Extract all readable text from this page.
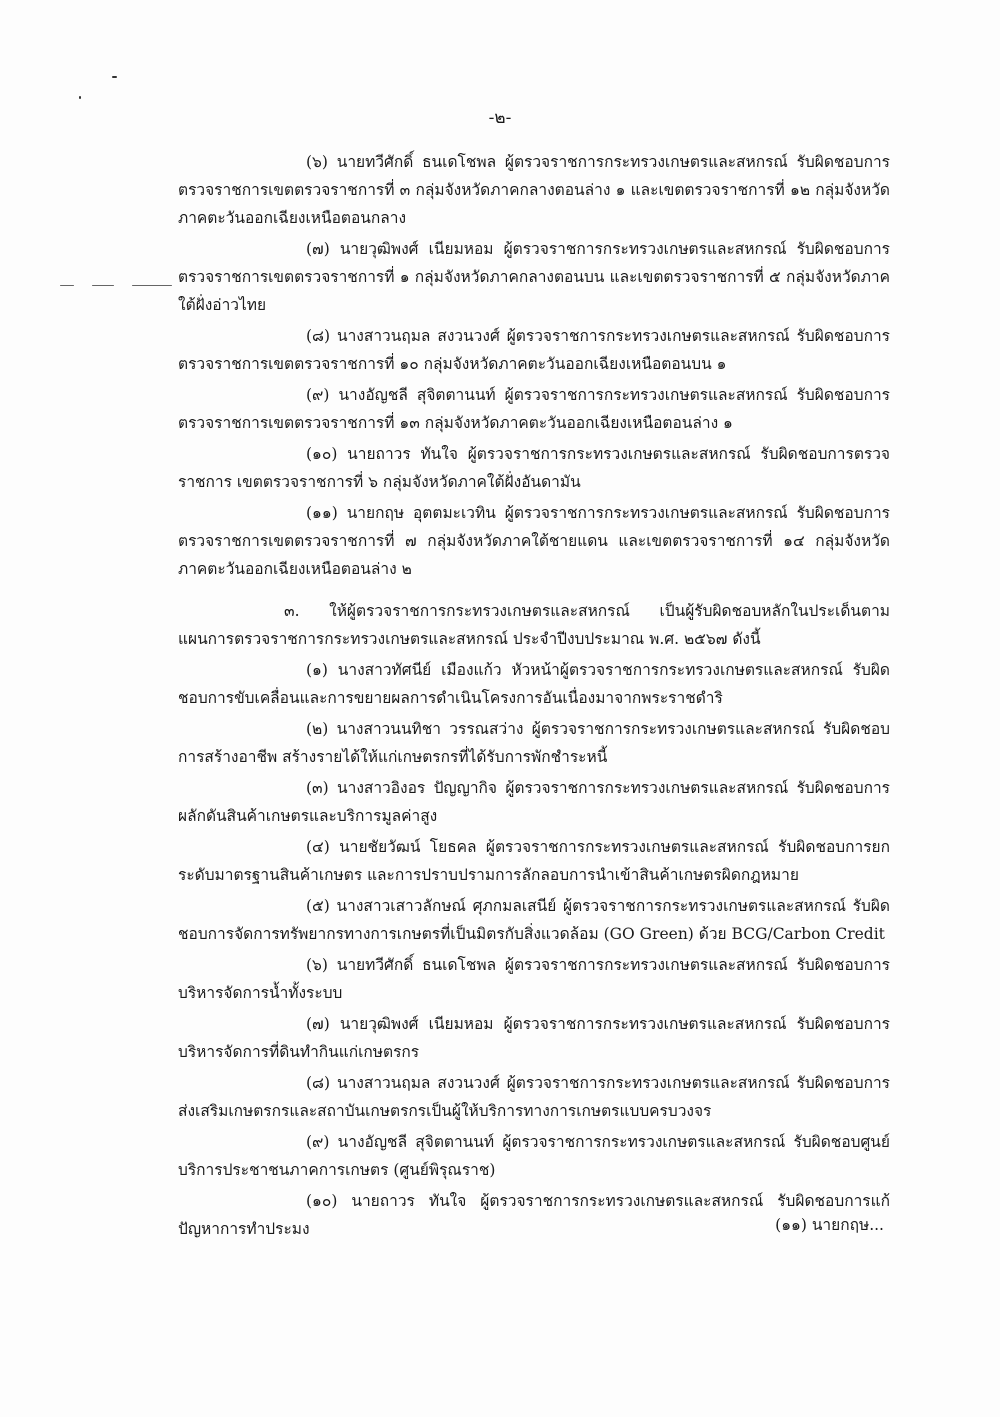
-๒-

(๖) นายทวีศักดิ์ ธนเดโชพล ผู้ตรวจราชการกระทรวงเกษตรและสหกรณ์ รับผิดชอบการตรวจราชการเขตตรวจราชการที่ ๓ กลุ่มจังหวัดภาคกลางตอนล่าง ๑ และเขตตรวจราชการที่ ๑๒ กลุ่มจังหวัดภาคตะวันออกเฉียงเหนือตอนกลาง

(๗) นายวุฒิพงศ์ เนียมหอม ผู้ตรวจราชการกระทรวงเกษตรและสหกรณ์ รับผิดชอบการตรวจราชการเขตตรวจราชการที่ ๑ กลุ่มจังหวัดภาคกลางตอนบน และเขตตรวจราชการที่ ๕ กลุ่มจังหวัดภาคใต้ฝั่งอ่าวไทย

(๘) นางสาวนฤมล สงวนวงศ์ ผู้ตรวจราชการกระทรวงเกษตรและสหกรณ์ รับผิดชอบการตรวจราชการเขตตรวจราชการที่ ๑๐ กลุ่มจังหวัดภาคตะวันออกเฉียงเหนือตอนบน ๑

(๙) นางอัญชลี สุจิตตานนท์ ผู้ตรวจราชการกระทรวงเกษตรและสหกรณ์ รับผิดชอบการตรวจราชการเขตตรวจราชการที่ ๑๓ กลุ่มจังหวัดภาคตะวันออกเฉียงเหนือตอนล่าง ๑

(๑๐) นายถาวร ทันใจ ผู้ตรวจราชการกระทรวงเกษตรและสหกรณ์ รับผิดชอบการตรวจราชการ เขตตรวจราชการที่ ๖ กลุ่มจังหวัดภาคใต้ฝั่งอันดามัน

(๑๑) นายกฤษ อุตตมะเวทิน ผู้ตรวจราชการกระทรวงเกษตรและสหกรณ์ รับผิดชอบการตรวจราชการเขตตรวจราชการที่ ๗ กลุ่มจังหวัดภาคใต้ชายแดน และเขตตรวจราชการที่ ๑๔ กลุ่มจังหวัดภาคตะวันออกเฉียงเหนือตอนล่าง ๒

๓. ให้ผู้ตรวจราชการกระทรวงเกษตรและสหกรณ์ เป็นผู้รับผิดชอบหลักในประเด็นตามแผนการตรวจราชการกระทรวงเกษตรและสหกรณ์ ประจำปีงบประมาณ พ.ศ. ๒๕๖๗ ดังนี้

(๑) นางสาวทัศนีย์ เมืองแก้ว หัวหน้าผู้ตรวจราชการกระทรวงเกษตรและสหกรณ์ รับผิดชอบการขับเคลื่อนและการขยายผลการดำเนินโครงการอันเนื่องมาจากพระราชดำริ

(๒) นางสาวนนทิชา วรรณสว่าง ผู้ตรวจราชการกระทรวงเกษตรและสหกรณ์ รับผิดชอบการสร้างอาชีพ สร้างรายได้ให้แก่เกษตรกรที่ได้รับการพักชำระหนี้

(๓) นางสาวอิงอร ปัญญากิจ ผู้ตรวจราชการกระทรวงเกษตรและสหกรณ์ รับผิดชอบการผลักดันสินค้าเกษตรและบริการมูลค่าสูง

(๔) นายชัยวัฒน์ โยธคล ผู้ตรวจราชการกระทรวงเกษตรและสหกรณ์ รับผิดชอบการยกระดับมาตรฐานสินค้าเกษตร และการปราบปรามการลักลอบการนำเข้าสินค้าเกษตรผิดกฎหมาย

(๕) นางสาวเสาวลักษณ์ ศุภกมลเสนีย์ ผู้ตรวจราชการกระทรวงเกษตรและสหกรณ์ รับผิดชอบการจัดการทรัพยากรทางการเกษตรที่เป็นมิตรกับสิ่งแวดล้อม (GO Green) ด้วย BCG/Carbon Credit

(๖) นายทวีศักดิ์ ธนเดโชพล ผู้ตรวจราชการกระทรวงเกษตรและสหกรณ์ รับผิดชอบการบริหารจัดการน้ำทั้งระบบ

(๗) นายวุฒิพงศ์ เนียมหอม ผู้ตรวจราชการกระทรวงเกษตรและสหกรณ์ รับผิดชอบการบริหารจัดการที่ดินทำกินแก่เกษตรกร

(๘) นางสาวนฤมล สงวนวงศ์ ผู้ตรวจราชการกระทรวงเกษตรและสหกรณ์ รับผิดชอบการส่งเสริมเกษตรกรและสถาบันเกษตรกรเป็นผู้ให้บริการทางการเกษตรแบบครบวงจร

(๙) นางอัญชลี สุจิตตานนท์ ผู้ตรวจราชการกระทรวงเกษตรและสหกรณ์ รับผิดชอบศูนย์บริการประชาชนภาคการเกษตร (ศูนย์พิรุณราช)

(๑๐) นายถาวร ทันใจ ผู้ตรวจราชการกระทรวงเกษตรและสหกรณ์ รับผิดชอบการแก้ปัญหาการทำประมง	(๑๑) นายกฤษ...
